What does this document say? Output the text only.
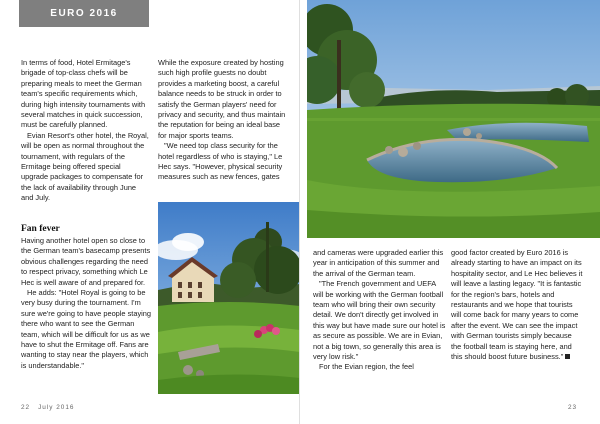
EURO 2016

In terms of food, Hotel Ermitage's brigade of top-class chefs will be preparing meals to meet the German team's specific requirements which, during high intensity tournaments with several matches in quick succession, must be carefully planned.

Evian Resort's other hotel, the Royal, will be open as normal throughout the tournament, with regulars of the Ermitage being offered special upgrade packages to compensate for the lack of availability through June and July.

While the exposure created by hosting such high profile guests no doubt provides a marketing boost, a careful balance needs to be struck in order to satisfy the German players' need for privacy and security, and thus maintain the reputation for being an ideal base for major sports teams.

"We need top class security for the hotel regardless of who is staying," Le Hec says. "However, physical security measures such as new fences, gates

Fan fever

Having another hotel open so close to the German team's basecamp presents obvious challenges regarding the need to respect privacy, something which Le Hec is well aware of and prepared for.

He adds: "Hotel Royal is going to be very busy during the tournament. I'm sure we're going to have people staying there who want to see the German team, which will be difficult for us as we have to shut the Ermitage off. Fans are wanting to stay near the players, which is understandable."

22 July 2016

and cameras were upgraded earlier this year in anticipation of this summer and the arrival of the German team.

"The French government and UEFA will be working with the German football team who will bring their own security detail. We don't directly get involved in this way but have made sure our hotel is as secure as possible. We are in Evian, not a big town, so generally this area is very low risk."

For the Evian region, the feel

good factor created by Euro 2016 is already starting to have an impact on its hospitality sector, and Le Hec believes it will leave a lasting legacy. "It is fantastic for the region's bars, hotels and restaurants and we hope that tourists will come back for many years to come after the event. We can see the impact with German tourists simply because the football team is staying here, and this should boost future business."

23
